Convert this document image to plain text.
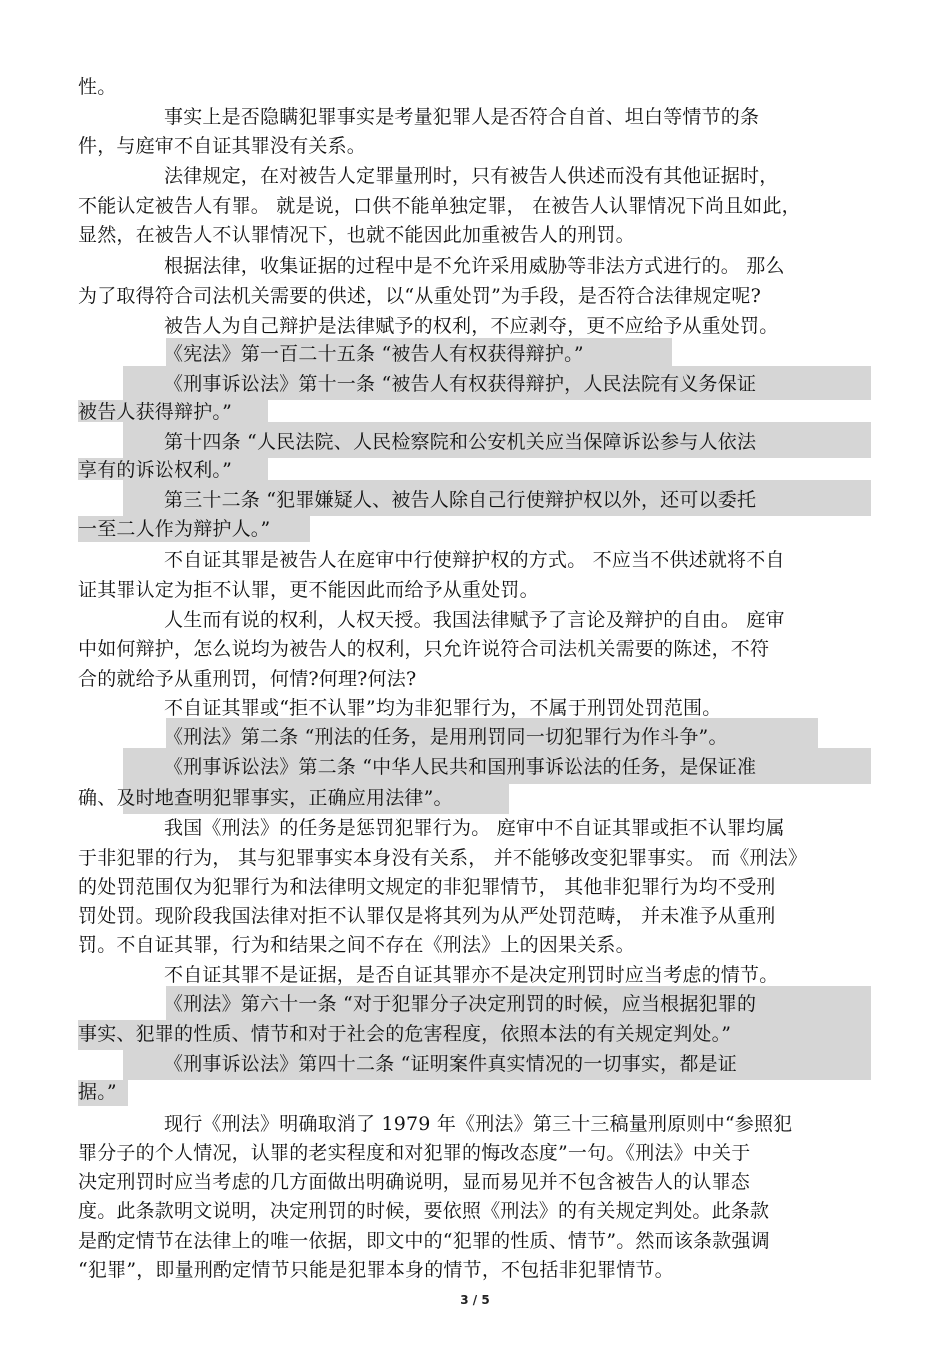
性。
事实上是否隐瞒犯罪事实是考量犯罪人是否符合自首、坦白等情节的条
件，与庭审不自证其罪没有关系。
法律规定，在对被告人定罪量刑时，只有被告人供述而没有其他证据时，
不能认定被告人有罪。 就是说，口供不能单独定罪， 在被告人认罪情况下尚且如此，
显然，在被告人不认罪情况下，也就不能因此加重被告人的刑罚。
根据法律，收集证据的过程中是不允许采用威胁等非法方式进行的。 那么
为了取得符合司法机关需要的供述，以“从重处罚”为手段，是否符合法律规定呢?
被告人为自己辩护是法律赋予的权利，不应剥夺，更不应给予从重处罚。
《宪法》第一百二十五条 “被告人有权获得辩护。”
《刑事诉讼法》第十一条 “被告人有权获得辩护，人民法院有义务保证
被告人获得辩护。”
第十四条 “人民法院、人民检察院和公安机关应当保障诉讼参与人依法
享有的诉讼权利。”
第三十二条 “犯罪嫌疑人、被告人除自己行使辩护权以外，还可以委托
一至二人作为辩护人。”
不自证其罪是被告人在庭审中行使辩护权的方式。 不应当不供述就将不自
证其罪认定为拒不认罪，更不能因此而给予从重处罚。
人生而有说的权利，人权天授。我国法律赋予了言论及辩护的自由。 庭审
中如何辩护，怎么说均为被告人的权利，只允许说符合司法机关需要的陈述，不符
合的就给予从重刑罚，何情?何理?何法?
不自证其罪或“拒不认罪”均为非犯罪行为，不属于刑罚处罚范围。
《刑法》第二条 “刑法的任务，是用刑罚同一切犯罪行为作斗争”。
《刑事诉讼法》第二条 “中华人民共和国刑事诉讼法的任务，是保证准
确、及时地查明犯罪事实，正确应用法律”。
我国《刑法》的任务是惩罚犯罪行为。 庭审中不自证其罪或拒不认罪均属
于非犯罪的行为， 其与犯罪事实本身没有关系， 并不能够改变犯罪事实。 而《刑法》
的处罚范围仅为犯罪行为和法律明文规定的非犯罪情节， 其他非犯罪行为均不受刑
罚处罚。现阶段我国法律对拒不认罪仅是将其列为从严处罚范畴， 并未准予从重刑
罚。不自证其罪，行为和结果之间不存在《刑法》上的因果关系。
不自证其罪不是证据，是否自证其罪亦不是决定刑罚时应当考虑的情节。
《刑法》第六十一条 “对于犯罪分子决定刑罚的时候，应当根据犯罪的
事实、犯罪的性质、情节和对于社会的危害程度，依照本法的有关规定判处。”
《刑事诉讼法》第四十二条 “证明案件真实情况的一切事实，都是证
据。”
现行《刑法》明确取消了 1979 年《刑法》第三十三稿量刑原则中“参照犯
罪分子的个人情况，认罪的老实程度和对犯罪的悔改态度”一句。《刑法》中关于
决定刑罚时应当考虑的几方面做出明确说明，显而易见并不包含被告人的认罪态
度。此条款明文说明，决定刑罚的时候，要依照《刑法》的有关规定判处。此条款
是酌定情节在法律上的唯一依据，即文中的“犯罪的性质、情节”。然而该条款强调
“犯罪”，即量刑酌定情节只能是犯罪本身的情节，不包括非犯罪情节。
3 / 5
